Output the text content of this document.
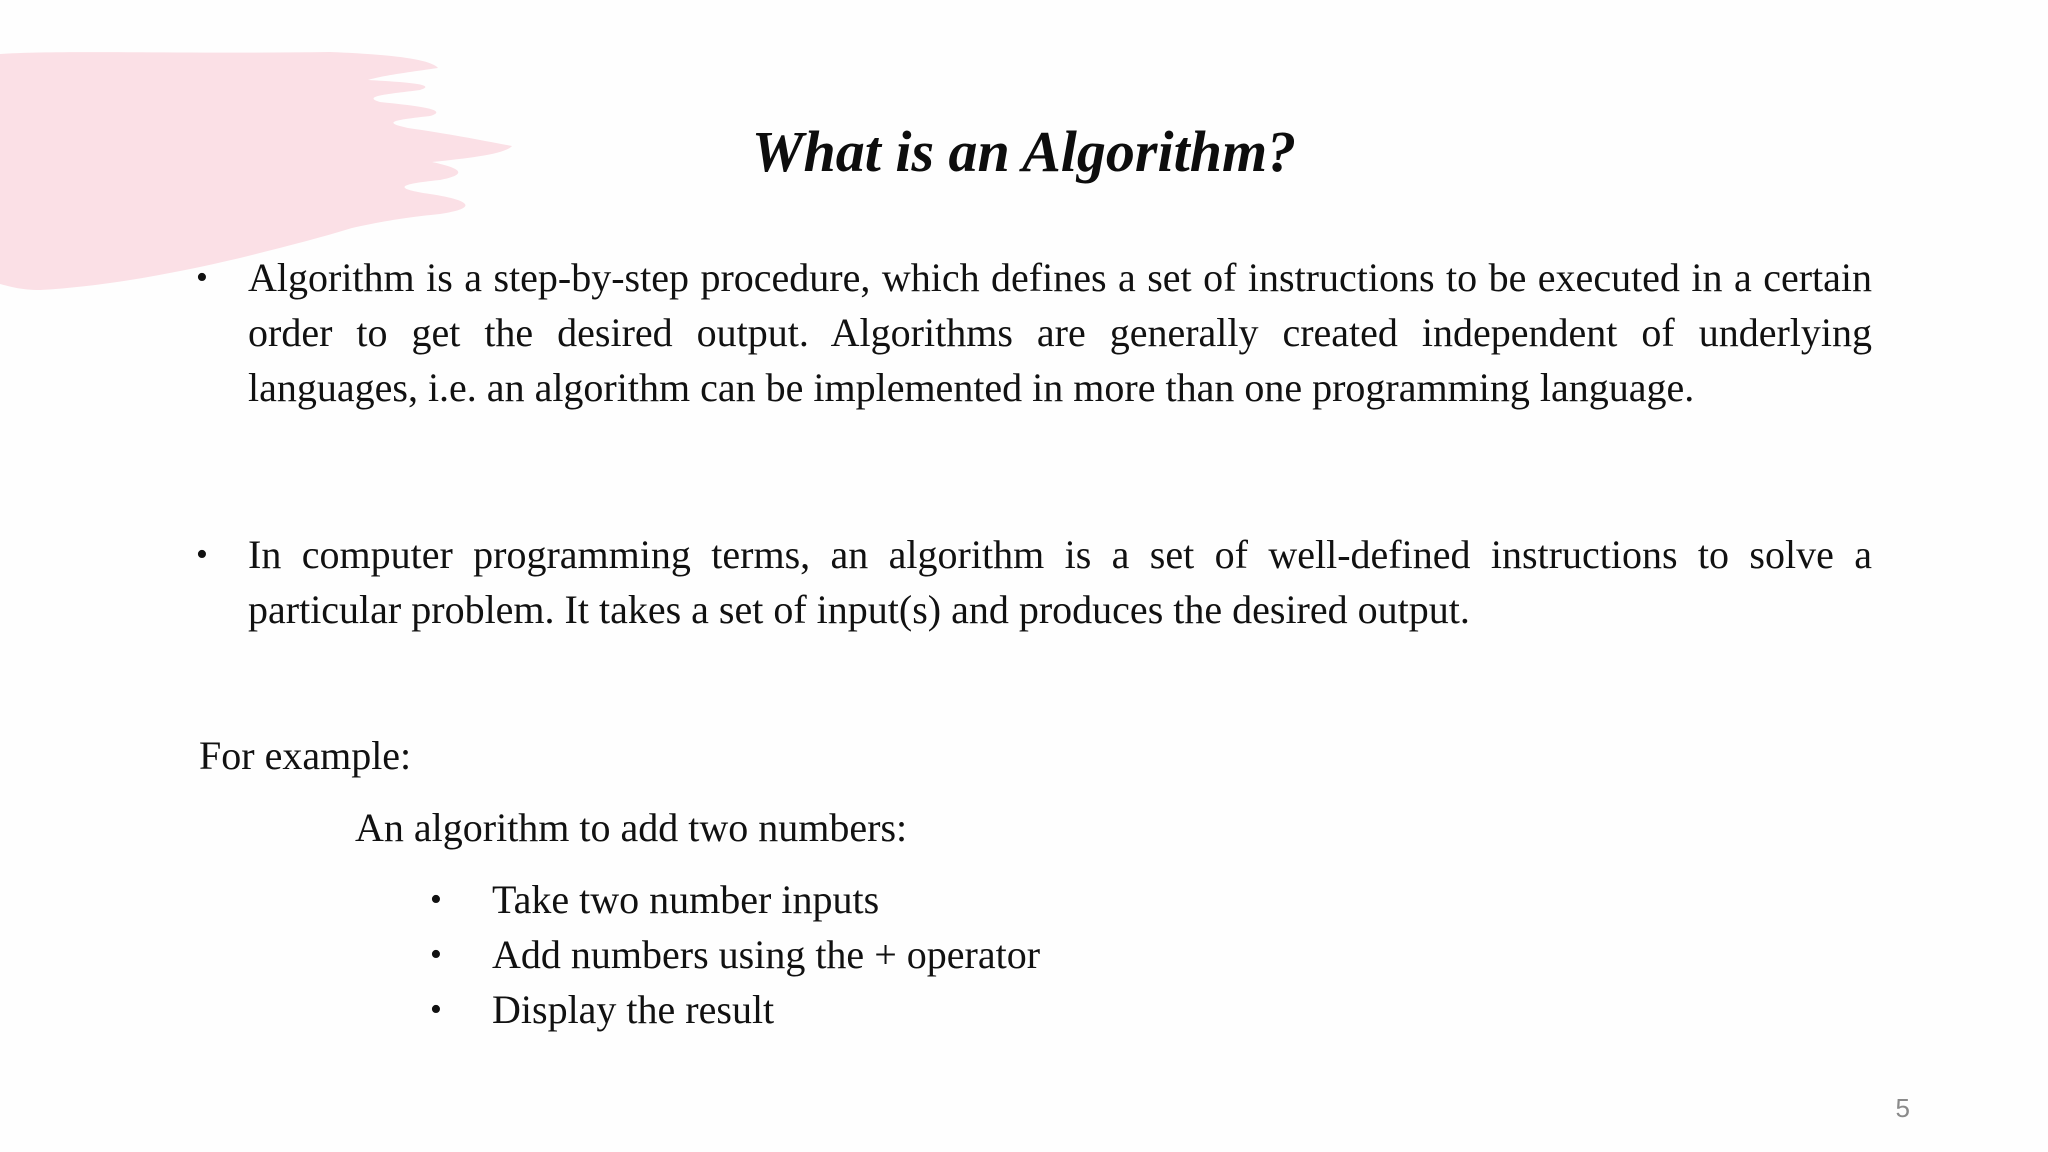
What is an Algorithm?
•	Algorithm is a step-by-step procedure, which defines a set of instructions to be executed in a certain order to get the desired output. Algorithms are generally created independent of underlying languages, i.e. an algorithm can be implemented in more than one programming language.
•	In computer programming terms, an algorithm is a set of well-defined instructions to solve a particular problem. It takes a set of input(s) and produces the desired output.
For example:
An algorithm to add two numbers:
• Take two number inputs
• Add numbers using the + operator
• Display the result
5
